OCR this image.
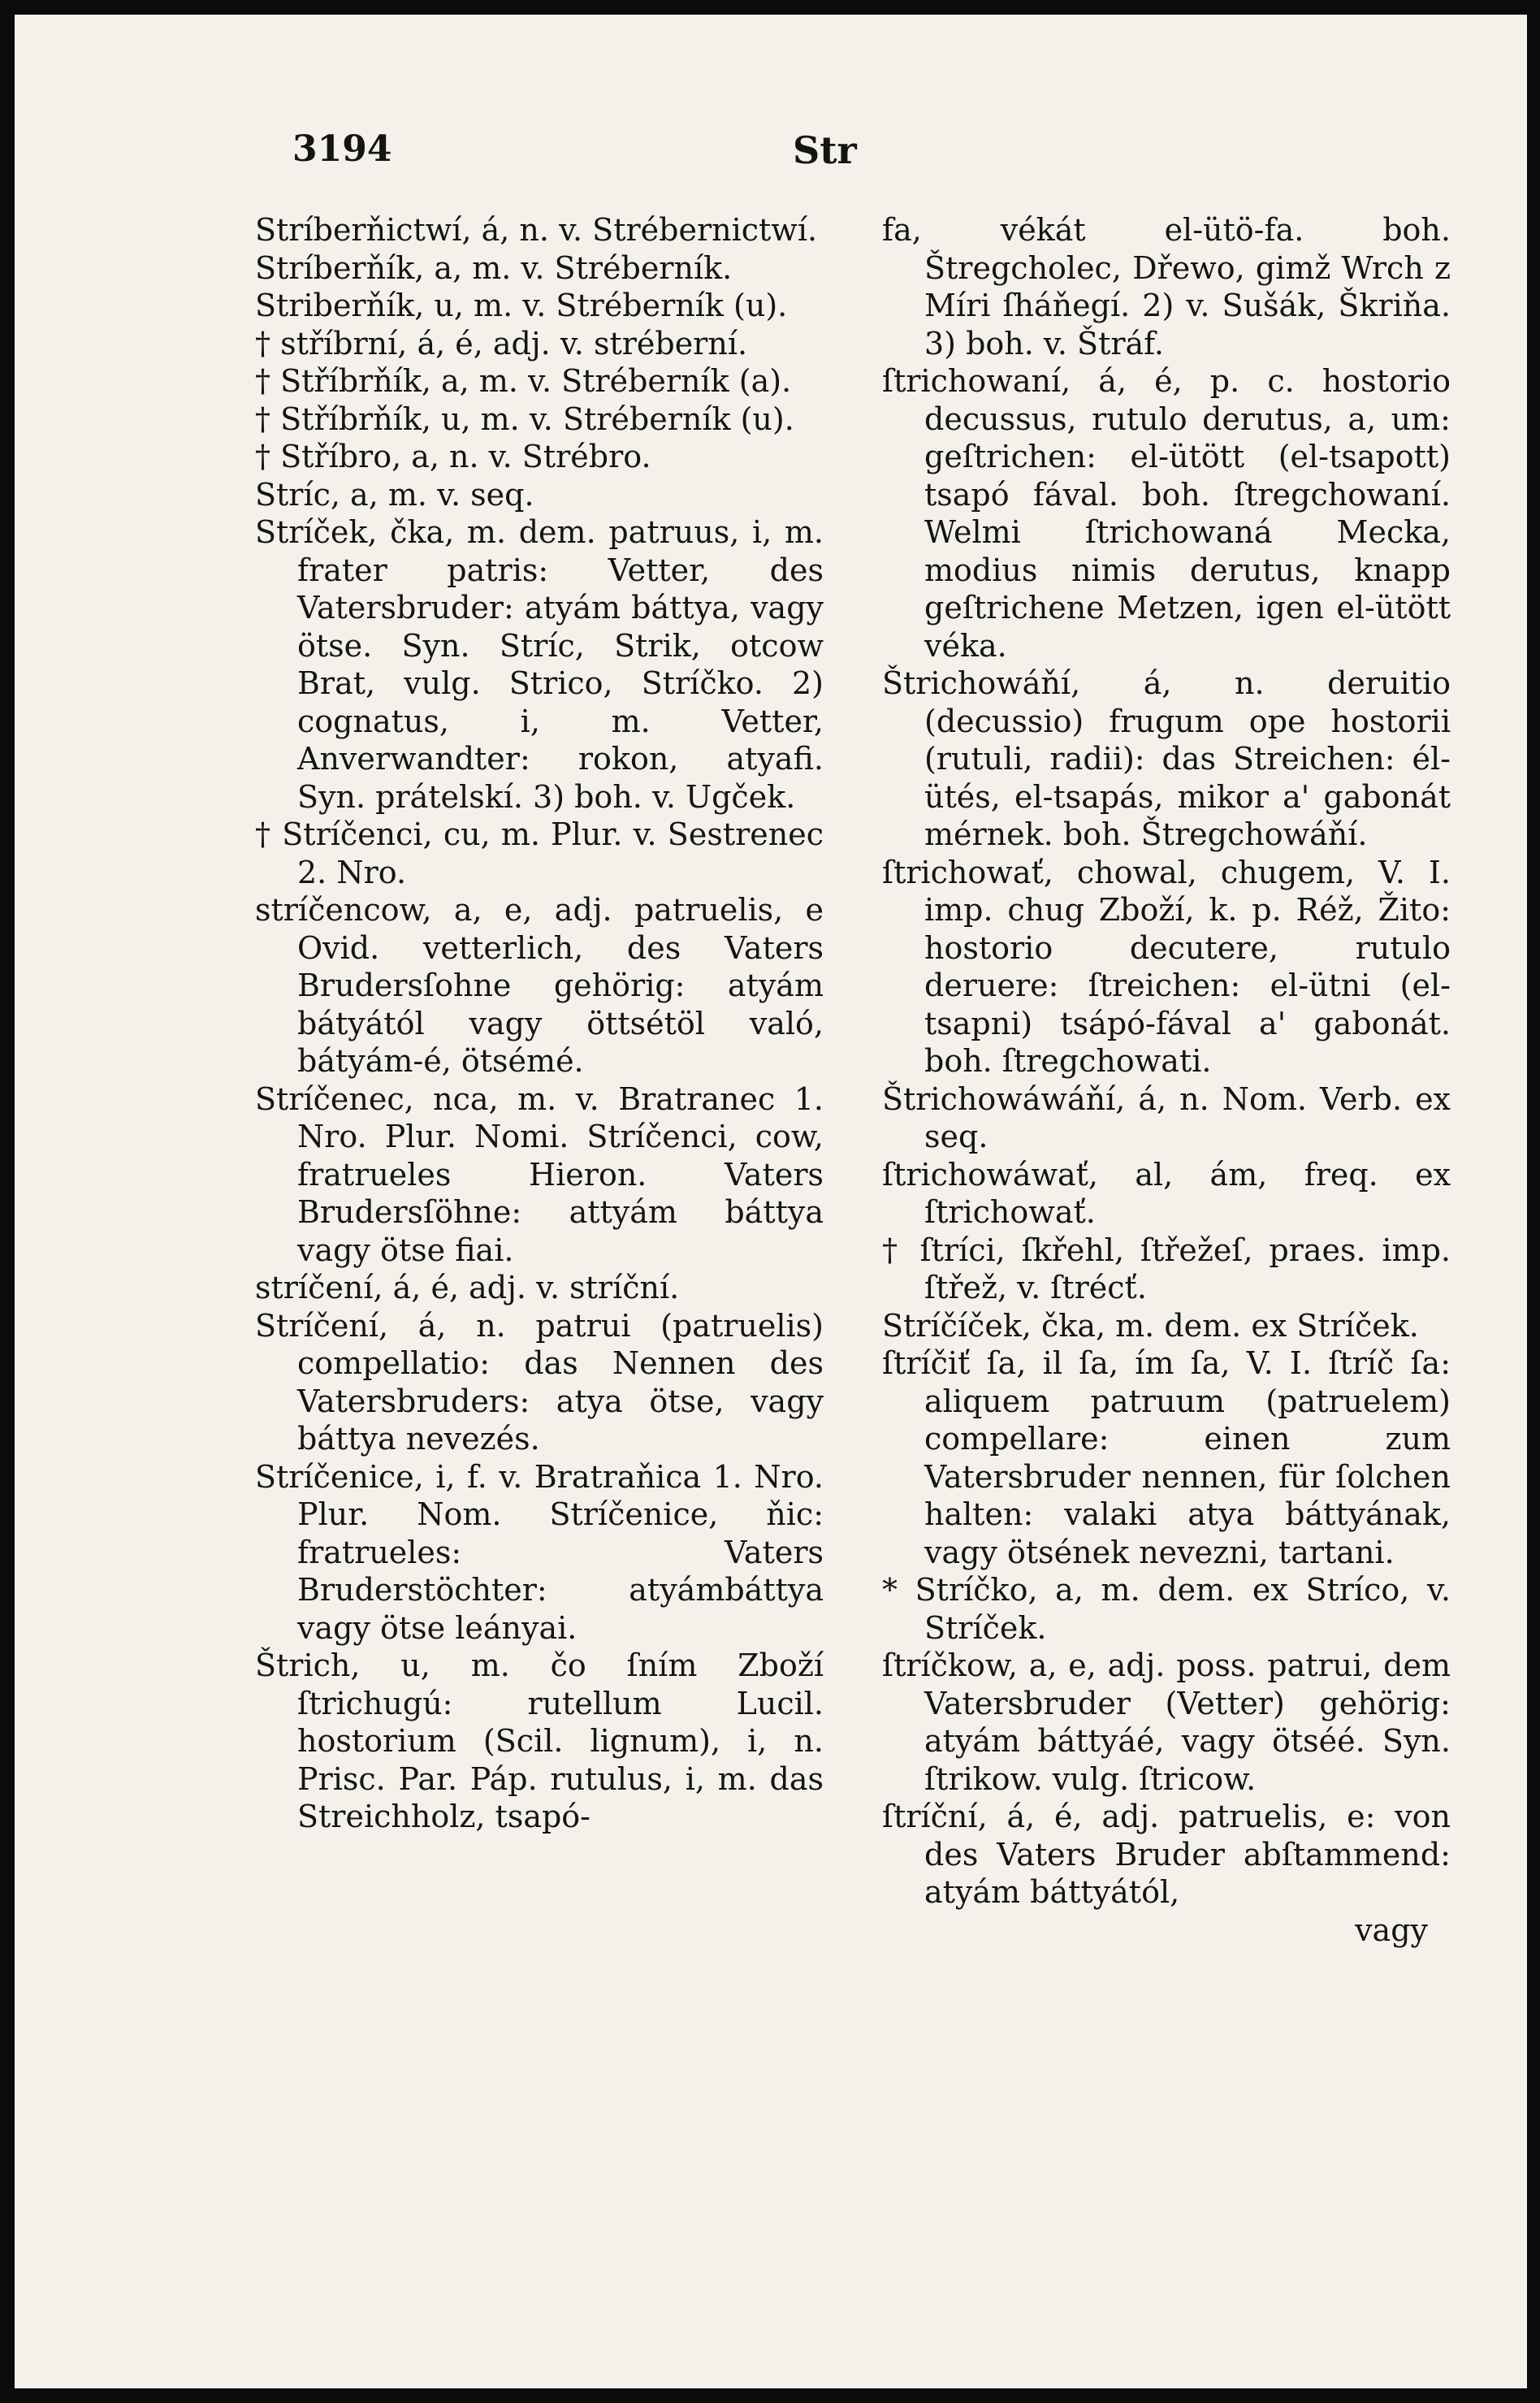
3194	Str

Stríberňictwí, á, n. v. Strébernictwí.

Stríberňík, a, m. v. Stréberník.

Striberňík, u, m. v. Stréberník (u).

† stříbrní, á, é, adj. v. stréberní.

† Stříbrňík, a, m. v. Stréberník (a).

† Stříbrňík, u, m. v. Stréberník (u).

† Stříbro, a, n. v. Strébro.

Stríc, a, m. v. seq.

Stríček, čka, m. dem. patruus, i, m. frater patris: Vetter, des Vatersbruder: atyám báttya, vagy ötse. Syn. Stríc, Strik, otcow Brat, vulg. Strico, Stríčko. 2) cognatus, i, m. Vetter, Anverwandter: rokon, atyafi. Syn. prátelskí. 3) boh. v. Ugček.

† Stríčenci, cu, m. Plur. v. Sestrenec 2. Nro.

stríčencow, a, e, adj. patruelis, e Ovid. vetterlich, des Vaters Brudersſohne gehörig: atyám bátyától vagy öttsétöl való, bátyám-é, ötsémé.

Stríčenec, nca, m. v. Bratranec 1. Nro. Plur. Nomi. Stríčenci, cow, fratrueles Hieron. Vaters Brudersſöhne: attyám báttya vagy ötse fiai.

stríčení, á, é, adj. v. stríční.

Stríčení, á, n. patrui (patruelis) compellatio: das Nennen des Vatersbruders: atya ötse, vagy báttya nevezés.

Stríčenice, i, f. v. Bratraňica 1. Nro. Plur. Nom. Stríčenice, ňic: fratrueles: Vaters Bruderstöchter: atyámbáttya vagy ötse leányai.

Štrich, u, m. čo ſním Zboží ſtrichugú: rutellum Lucil. hostorium (Scil. lignum), i, n. Prisc. Par. Páp. rutulus, i, m. das Streichholz, tsapó-

fa, vékát el-ütö-fa. boh. Štregcholec, Dřewo, gimž Wrch z Míri ſháňegí. 2) v. Sušák, Škriňa. 3) boh. v. Štráf.

ſtrichowaní, á, é, p. c. hostorio decussus, rutulo derutus, a, um: geſtrichen: el-ütött (el-tsapott) tsapó fával. boh. ſtregchowaní. Welmi ſtrichowaná Mecka, modius nimis derutus, knapp geſtrichene Metzen, igen el-ütött véka.

Štrichowáňí, á, n. deruitio (decussio) frugum ope hostorii (rutuli, radii): das Streichen: él-ütés, el-tsapás, mikor a' gabonát mérnek. boh. Štregchowáňí.

ſtrichowať, chowal, chugem, V. I. imp. chug Zboží, k. p. Réž, Žito: hostorio decutere, rutulo deruere: ſtreichen: el-ütni (el-tsapni) tsápó-fával a' gabonát. boh. ſtregchowati.

Štrichowáwáňí, á, n. Nom. Verb. ex seq.

ſtrichowáwať, al, ám, freq. ex ſtrichowať.

† ſtríci, ſkřehl, ſtřežeſ, praes. imp. ſtřež, v. ſtrécť.

Stríčíček, čka, m. dem. ex Stríček.

ſtríčiť ſa, il ſa, ím ſa, V. I. ſtríč ſa: aliquem patruum (patruelem) compellare: einen zum Vatersbruder nennen, für ſolchen halten: valaki atya báttyának, vagy ötsének nevezni, tartani.

* Stríčko, a, m. dem. ex Stríco, v. Stríček.

ſtríčkow, a, e, adj. poss. patrui, dem Vatersbruder (Vetter) gehörig: atyám báttyáé, vagy ötséé. Syn. ſtrikow. vulg. ſtricow.

ſtríční, á, é, adj. patruelis, e: von des Vaters Bruder abſtammend: atyám báttyától,

vagy
